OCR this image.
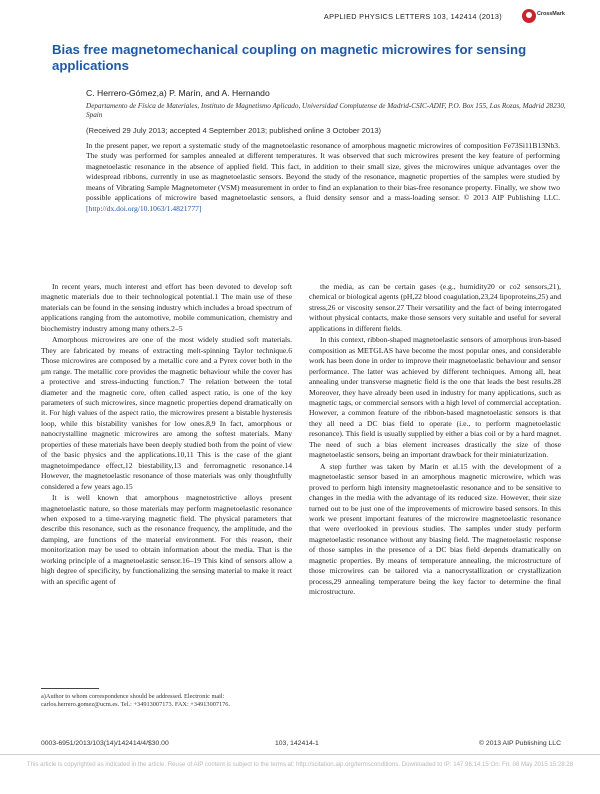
APPLIED PHYSICS LETTERS 103, 142414 (2013)	CrossMark
Bias free magnetomechanical coupling on magnetic microwires for sensing applications
C. Herrero-Gómez,a) P. Marín, and A. Hernando
Departamento de Física de Materiales, Instituto de Magnetismo Aplicado, Universidad Complutense de Madrid-CSIC-ADIF, P.O. Box 155, Las Rozas, Madrid 28230, Spain
(Received 29 July 2013; accepted 4 September 2013; published online 3 October 2013)
In the present paper, we report a systematic study of the magnetoelastic resonance of amorphous magnetic microwires of composition Fe73Si11B13Nb3. The study was performed for samples annealed at different temperatures. It was observed that such microwires present the key feature of performing magnetoelastic resonance in the absence of applied field. This fact, in addition to their small size, gives the microwires unique advantages over the widespread ribbons, currently in use as magnetoelastic sensors. Beyond the study of the resonance, magnetic properties of the samples were studied by means of Vibrating Sample Magnetometer (VSM) measurement in order to find an explanation to their bias-free resonance property. Finally, we show two possible applications of microwire based magnetoelastic sensors, a fluid density sensor and a mass-loading sensor. © 2013 AIP Publishing LLC. [http://dx.doi.org/10.1063/1.4821777]

In recent years, much interest and effort has been devoted to develop soft magnetic materials due to their technological potential.1 The main use of these materials can be found in the sensing industry which includes a broad spectrum of applications ranging from the automotive, mobile communication, chemistry and biochemistry industry among many others.2–5

Amorphous microwires are one of the most widely studied soft materials. They are fabricated by means of extracting melt-spinning Taylor technique.6 Those microwires are composed by a metallic core and a Pyrex cover both in the μm range. The metallic core provides the magnetic behaviour while the cover has a protective and stress-inducting function.7 The relation between the total diameter and the magnetic core, often called aspect ratio, is one of the key parameters of such microwires, since magnetic properties depend dramatically on it. For high values of the aspect ratio, the microwires present a bistable hysteresis loop, while this bistability vanishes for low ones.8,9 In fact, amorphous or nanocrystalline magnetic microwires are among the softest materials. Many properties of these materials have been deeply studied both from the point of view of the basic physics and the applications.10,11 This is the case of the giant magnetoimpedance effect,12 biestability,13 and ferromagnetic resonance.14 However, the magnetoelastic resonance of those materials was only thoughtfully considered a few years ago.15

It is well known that amorphous magnetostrictive alloys present magnetoelastic nature, so those materials may perform magnetoelastic resonance when exposed to a time-varying magnetic field. The physical parameters that describe this resonance, such as the resonance frequency, the amplitude, and the damping, are functions of the material environment. For this reason, their monitorization may be used to obtain information about the media. That is the working principle of a magnetoelastic sensor.16–19 This kind of sensors allow a high degree of specificity, by functionalizing the sensing material to make it react with an specific agent of

the media, as can be certain gases (e.g., humidity20 or co2 sensors,21), chemical or biological agents (pH,22 blood coagulation,23,24 lipoproteins,25) and stress,26 or viscosity sensor.27 Their versatility and the fact of being interrogated without physical contacts, make those sensors very suitable and useful for several applications in different fields.

In this context, ribbon-shaped magnetoelastic sensors of amorphous iron-based composition as METGLAS have become the most popular ones, and considerable work has been done in order to improve their magnetoelastic behaviour and sensor performance. The latter was achieved by different techniques. Among all, heat annealing under transverse magnetic field is the one that leads the best results.28 Moreover, they have already been used in industry for many applications, such as magnetic tags, or commercial sensors with a high level of commercial acceptation. However, a common feature of the ribbon-based magnetoelastic sensors is that they all need a DC bias field to operate (i.e., to perform magnetoelastic resonance). This field is usually supplied by either a bias coil or by a hard magnet. The need of such a bias element increases drastically the size of those magnetoelastic sensors, being an important drawback for their miniaturization.

A step further was taken by Marín et al.15 with the development of a magnetoelastic sensor based in an amorphous magnetic microwire, which was proved to perform high intensity magnetoelastic resonance and to be sensitive to changes in the media with the advantage of its reduced size. However, their size turned out to be just one of the improvements of microwire based sensors. In this work we present important features of the microwire magnetoelastic resonance that were overlooked in previous studies. The samples under study perform magnetoelastic resonance without any biasing field. The magnetoelastic response of those samples in the presence of a DC bias field depends dramatically on magnetic properties. By means of temperature annealing, the microstructure of those microwires can be tailored via a nanocrystallization or crystallization process,29 annealing temperature being the key factor to determine the final microstructure.

a)Author to whom correspondence should be addressed. Electronic mail: carlos.herrero.gomez@ucm.es. Tel.: +34913007173. FAX: +34913007176.
0003-6951/2013/103(14)/142414/4/$30.00	103, 142414-1	© 2013 AIP Publishing LLC
This article is copyrighted as indicated in the article. Reuse of AIP content is subject to the terms at: http://scitation.aip.org/termsconditions. Downloaded to IP: 147.96.14.15 On: Fri, 08 May 2015 15:28:28
